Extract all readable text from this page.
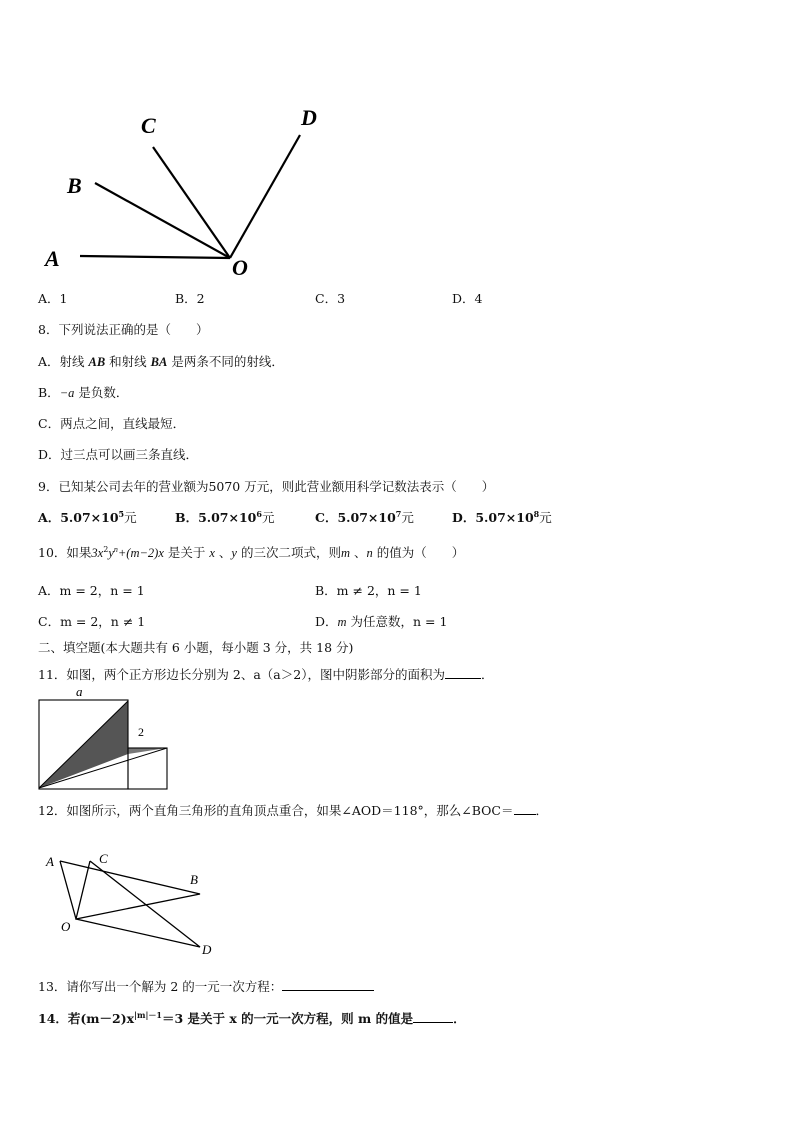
A
B
C	D
O
A．1	B．2	C．3	D．4
8．下列说法正确的是（　　）
A．射线 AB 和射线 BA 是两条不同的射线．
B．−a 是负数．
C．两点之间，直线最短．
D．过三点可以画三条直线．
9．已知某公司去年的营业额为5070 万元，则此营业额用科学记数法表示（　　）
A．$5.07\times 10^5$元	B．$5.07\times 10^6$元	C．$5.07\times 10^7$元	D．$5.07\times 10^8$元
10．如果$3x^2y^n+(m-2)x$ 是关于 x 、y 的三次二项式，则m 、n 的值为（　　）
A．m = 2，n = 1	B．m ≠ 2，n = 1
C．m = 2，n ≠ 1	D．m 为任意数，n = 1
二、填空题(本大题共有 6 小题，每小题 3 分，共 18 分)
11．如图，两个正方形边长分别为 2、a（a＞2），图中阴影部分的面积为	．
a
2
12．如图所示，两个直角三角形的直角顶点重合，如果∠AOD＝118°，那么∠BOC＝ ．
A	C
B
O
D
13．请你写出一个解为 2 的一元一次方程：
14．若$(m-2)x^{|m|-1}=3$ 是关于 x 的一元一次方程，则 m 的值是	．
